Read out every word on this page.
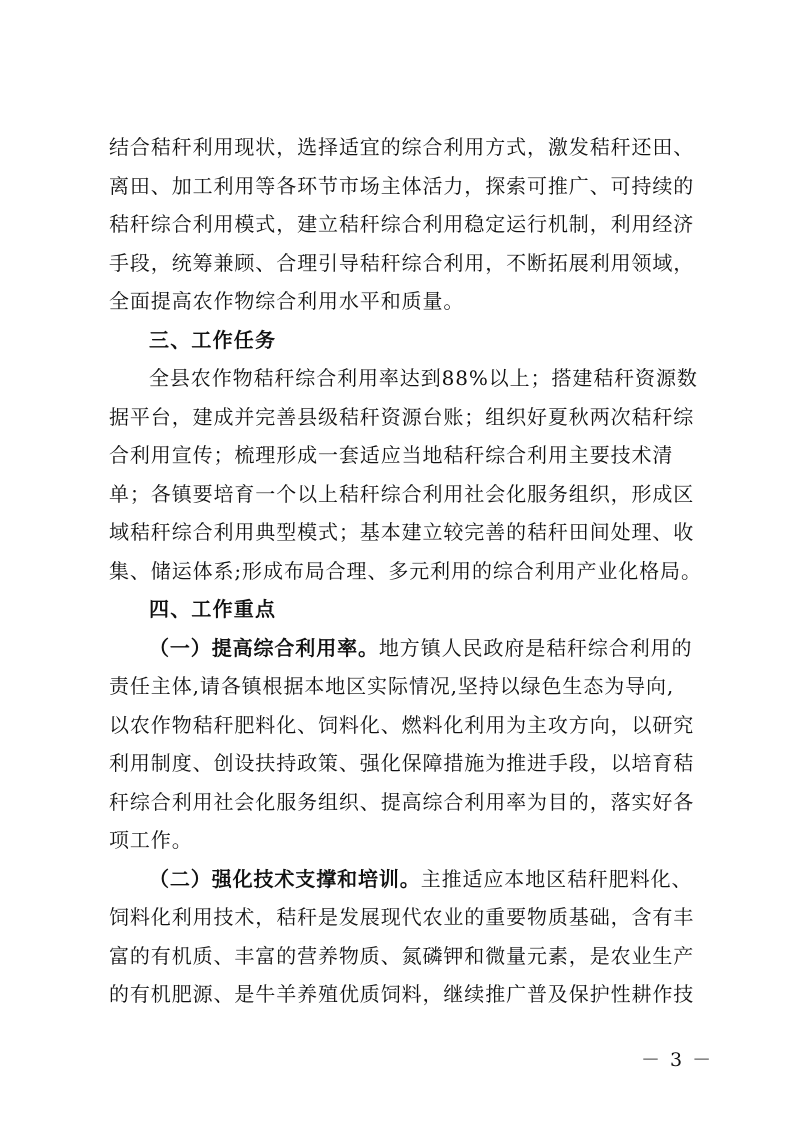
结合秸秆利用现状，选择适宜的综合利用方式，激发秸秆还田、
离田、加工利用等各环节市场主体活力，探索可推广、可持续的
秸秆综合利用模式，建立秸秆综合利用稳定运行机制，利用经济
手段，统筹兼顾、合理引导秸秆综合利用，不断拓展利用领域，
全面提高农作物综合利用水平和质量。

三、工作任务

全县农作物秸秆综合利用率达到88%以上；搭建秸秆资源数
据平台，建成并完善县级秸秆资源台账；组织好夏秋两次秸秆综
合利用宣传；梳理形成一套适应当地秸秆综合利用主要技术清
单；各镇要培育一个以上秸秆综合利用社会化服务组织，形成区
域秸秆综合利用典型模式；基本建立较完善的秸秆田间处理、收
集、储运体系;形成布局合理、多元利用的综合利用产业化格局。

四、工作重点

（一）提高综合利用率。地方镇人民政府是秸秆综合利用的
责任主体,请各镇根据本地区实际情况,坚持以绿色生态为导向,
以农作物秸秆肥料化、饲料化、燃料化利用为主攻方向，以研究
利用制度、创设扶持政策、强化保障措施为推进手段，以培育秸
秆综合利用社会化服务组织、提高综合利用率为目的，落实好各
项工作。

（二）强化技术支撑和培训。主推适应本地区秸秆肥料化、
饲料化利用技术，秸秆是发展现代农业的重要物质基础，含有丰
富的有机质、丰富的营养物质、氮磷钾和微量元素，是农业生产
的有机肥源、是牛羊养殖优质饲料，继续推广普及保护性耕作技

－ 3 －
